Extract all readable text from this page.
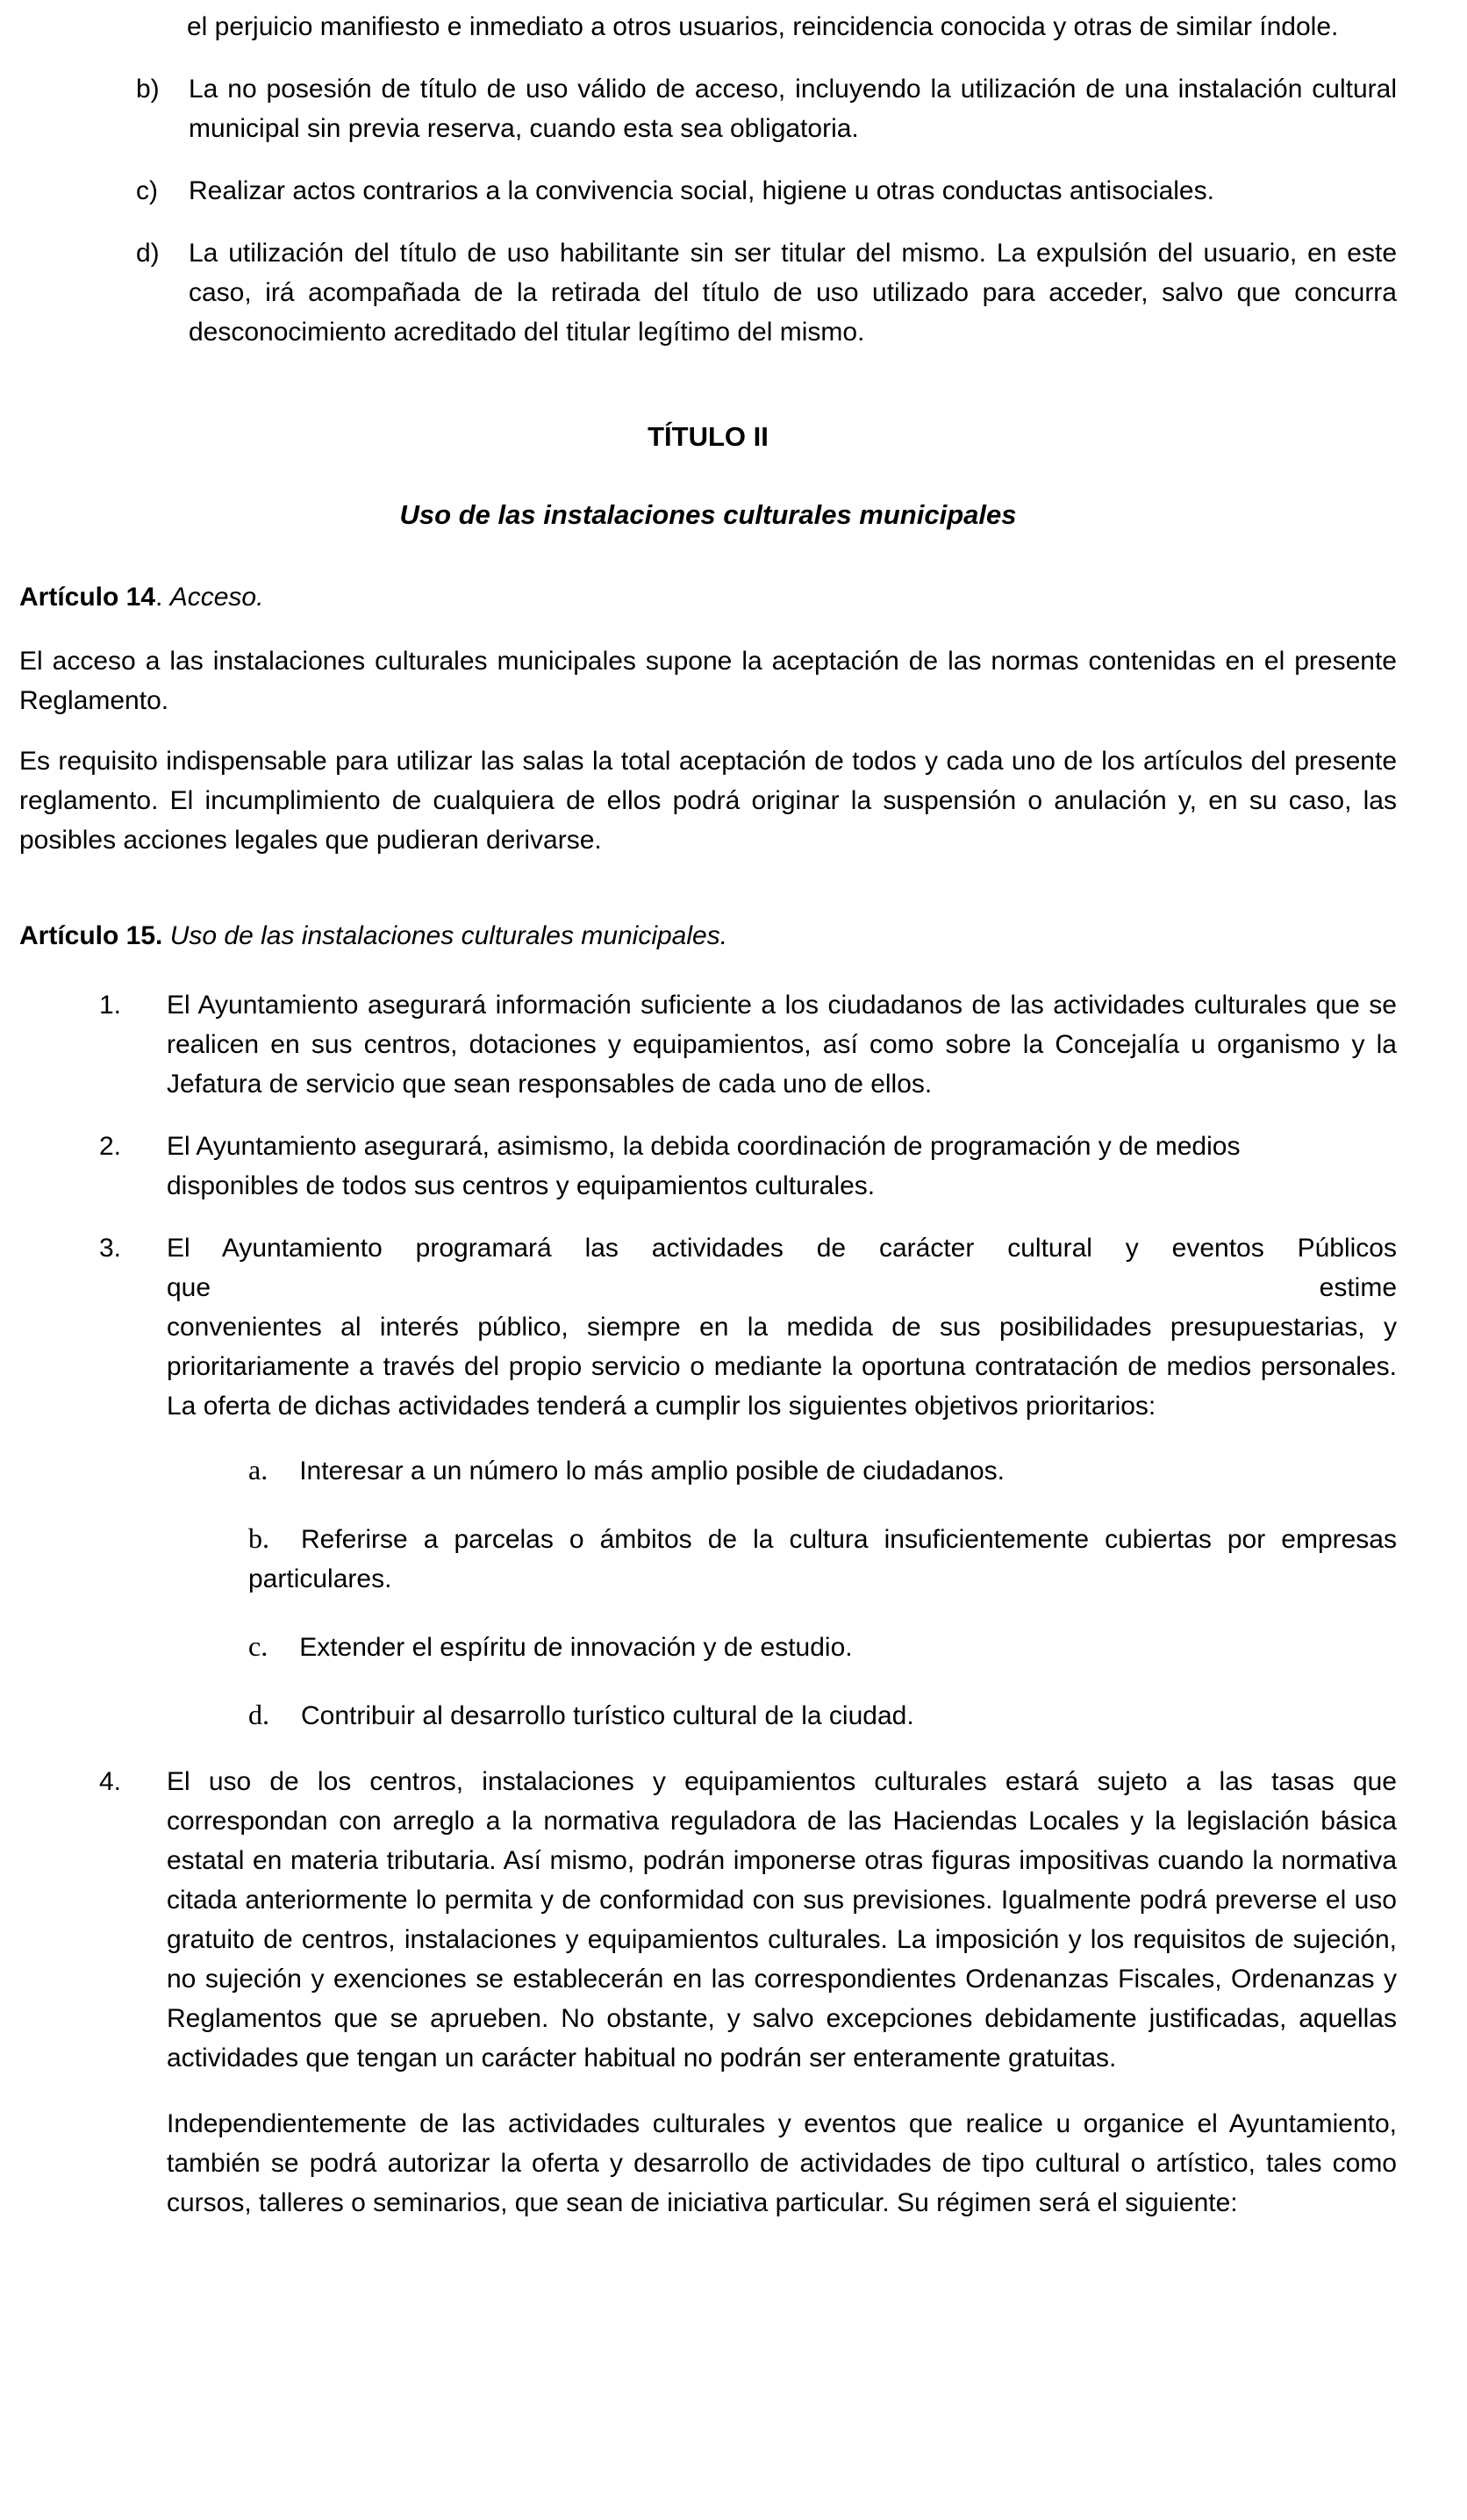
el perjuicio manifiesto e inmediato a otros usuarios, reincidencia conocida y otras de similar índole.

b) La no posesión de título de uso válido de acceso, incluyendo la utilización de una instalación cultural municipal sin previa reserva, cuando esta sea obligatoria.
c) Realizar actos contrarios a la convivencia social, higiene u otras conductas antisociales.
d) La utilización del título de uso habilitante sin ser titular del mismo. La expulsión del usuario, en este caso, irá acompañada de la retirada del título de uso utilizado para acceder, salvo que concurra desconocimiento acreditado del titular legítimo del mismo.
TÍTULO II
Uso de las instalaciones culturales municipales

Artículo 14. Acceso.

El acceso a las instalaciones culturales municipales supone la aceptación de las normas contenidas en el presente Reglamento.

Es requisito indispensable para utilizar las salas la total aceptación de todos y cada uno de los artículos del presente reglamento. El incumplimiento de cualquiera de ellos podrá originar la suspensión o anulación y, en su caso, las posibles acciones legales que pudieran derivarse.

Artículo 15. Uso de las instalaciones culturales municipales.

1. El Ayuntamiento asegurará información suficiente a los ciudadanos de las actividades culturales que se realicen en sus centros, dotaciones y equipamientos, así como sobre la Concejalía u organismo y la Jefatura de servicio que sean responsables de cada uno de ellos.
2. El Ayuntamiento asegurará, asimismo, la debida coordinación de programación y de medios
disponibles de todos sus centros y equipamientos culturales.
3. El Ayuntamiento programará las actividades de carácter cultural y eventos Públicos
que	estime
convenientes al interés público, siempre en la medida de sus posibilidades presupuestarias, y prioritariamente a través del propio servicio o mediante la oportuna contratación de medios personales. La oferta de dichas actividades tenderá a cumplir los siguientes objetivos prioritarios:
a. Interesar a un número lo más amplio posible de ciudadanos.
b. Referirse a parcelas o ámbitos de la cultura insuficientemente cubiertas por empresas particulares.
c. Extender el espíritu de innovación y de estudio.
d. Contribuir al desarrollo turístico cultural de la ciudad.
4. El uso de los centros, instalaciones y equipamientos culturales estará sujeto a las tasas que correspondan con arreglo a la normativa reguladora de las Haciendas Locales y la legislación básica estatal en materia tributaria. Así mismo, podrán imponerse otras figuras impositivas cuando la normativa citada anteriormente lo permita y de conformidad con sus previsiones. Igualmente podrá preverse el uso gratuito de centros, instalaciones y equipamientos culturales. La imposición y los requisitos de sujeción, no sujeción y exenciones se establecerán en las correspondientes Ordenanzas Fiscales, Ordenanzas y Reglamentos que se aprueben. No obstante, y salvo excepciones debidamente justificadas, aquellas actividades que tengan un carácter habitual no podrán ser enteramente gratuitas.

Independientemente de las actividades culturales y eventos que realice u organice el Ayuntamiento, también se podrá autorizar la oferta y desarrollo de actividades de tipo cultural o artístico, tales como cursos, talleres o seminarios, que sean de iniciativa particular. Su régimen será el siguiente:
